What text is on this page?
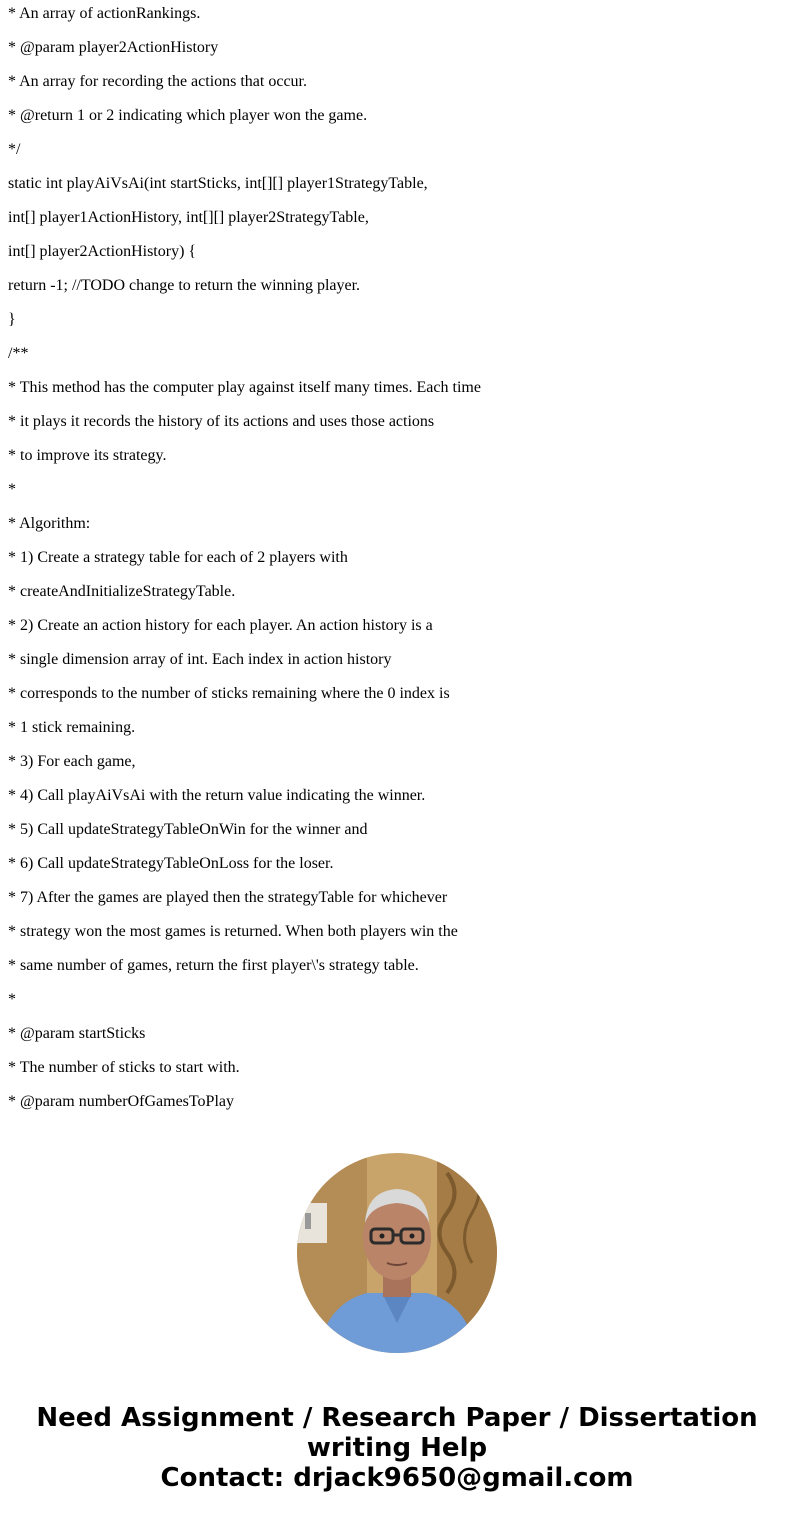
* An array of actionRankings.
* @param player2ActionHistory
* An array for recording the actions that occur.
* @return 1 or 2 indicating which player won the game.
*/
static int playAiVsAi(int startSticks, int[][] player1StrategyTable,
int[] player1ActionHistory, int[][] player2StrategyTable,
int[] player2ActionHistory) {
return -1; //TODO change to return the winning player.
}
/**
* This method has the computer play against itself many times. Each time
* it plays it records the history of its actions and uses those actions
* to improve its strategy.
*
* Algorithm:
* 1) Create a strategy table for each of 2 players with
* createAndInitializeStrategyTable.
* 2) Create an action history for each player. An action history is a
* single dimension array of int. Each index in action history
* corresponds to the number of sticks remaining where the 0 index is
* 1 stick remaining.
* 3) For each game,
* 4) Call playAiVsAi with the return value indicating the winner.
* 5) Call updateStrategyTableOnWin for the winner and
* 6) Call updateStrategyTableOnLoss for the loser.
* 7) After the games are played then the strategyTable for whichever
* strategy won the most games is returned. When both players win the
* same number of games, return the first player\'s strategy table.
*
* @param startSticks
* The number of sticks to start with.
* @param numberOfGamesToPlay
Need Assignment / Research Paper / Dissertation
writing Help
Contact: drjack9650@gmail.com
